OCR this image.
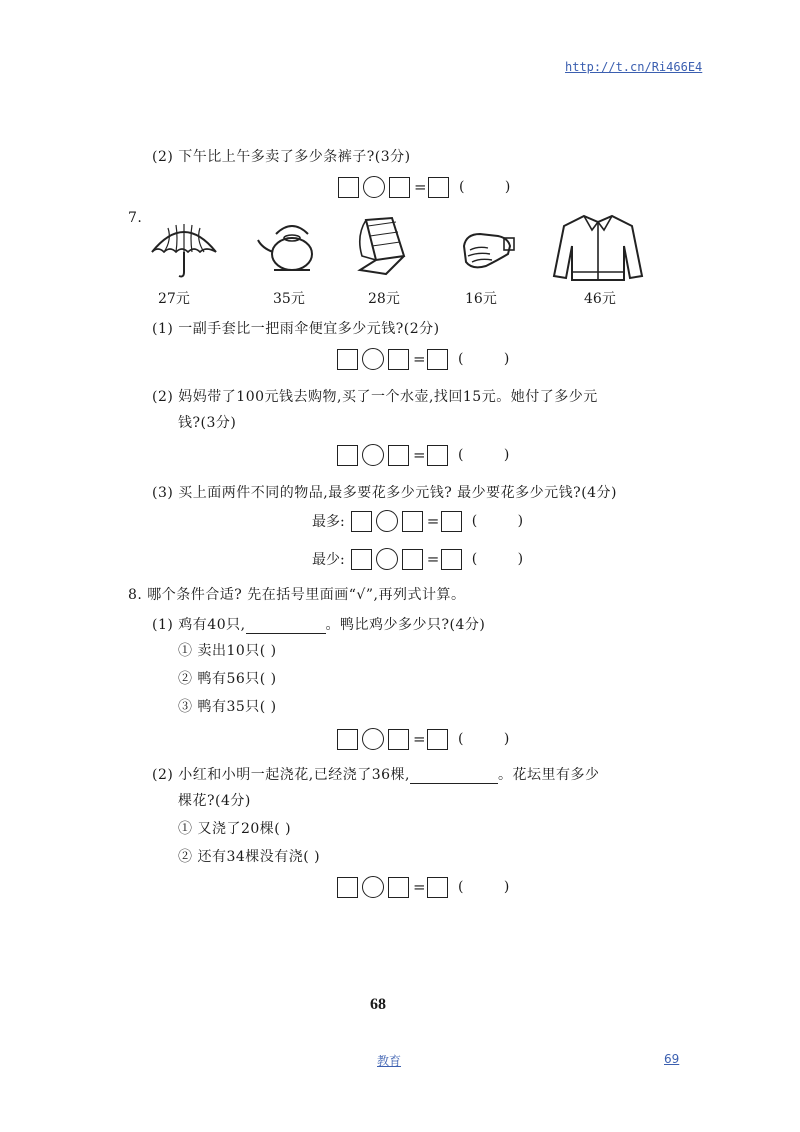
http://t.cn/Ri466E4
(2) 下午比上午多卖了多少条裤子?(3分)
= ( )
7.
27元	35元	28元	16元	46元
(1) 一副手套比一把雨伞便宜多少元钱?(2分)
= ( )
(2) 妈妈带了100元钱去购物,买了一个水壶,找回15元。她付了多少元
钱?(3分)
= ( )
(3) 买上面两件不同的物品,最多要花多少元钱? 最少要花多少元钱?(4分)
最多:	= ( )
最少:	= ( )
8. 哪个条件合适? 先在括号里面画“√”,再列式计算。
(1) 鸡有40只,	。鸭比鸡少多少只?(4分)
① 卖出10只( )
② 鸭有56只( )
③ 鸭有35只( )
= ( )
(2) 小红和小明一起浇花,已经浇了36棵,	。花坛里有多少
棵花?(4分)
① 又浇了20棵( )
② 还有34棵没有浇( )
= ( )
68
教育	69
